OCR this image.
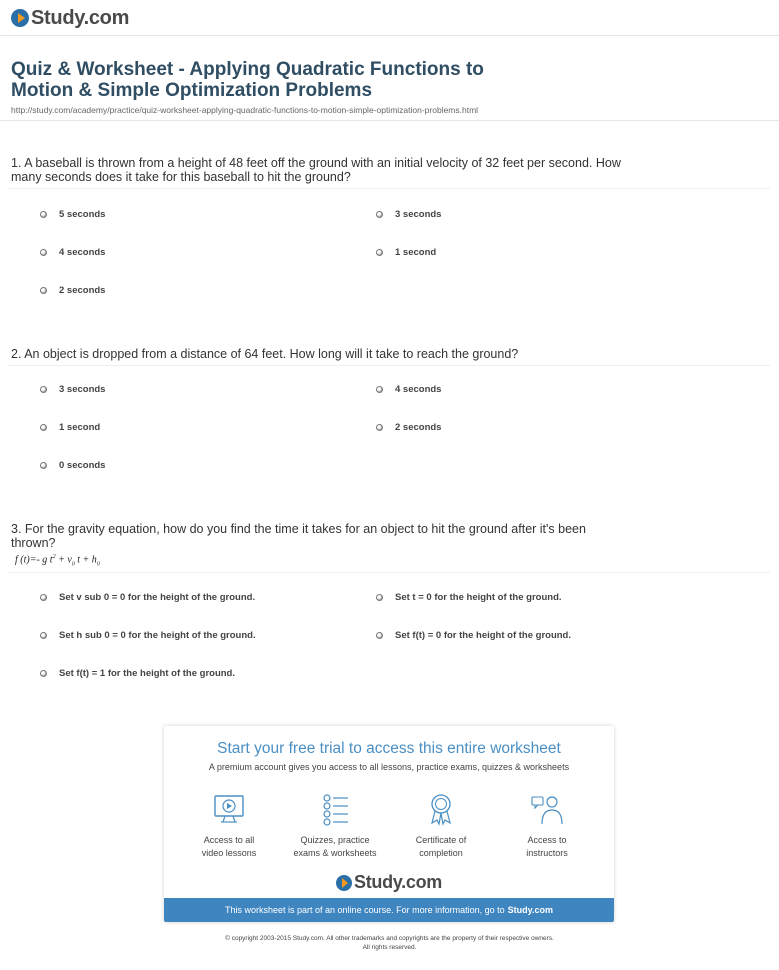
Study.com
Quiz & Worksheet - Applying Quadratic Functions to
Motion & Simple Optimization Problems
http://study.com/academy/practice/quiz-worksheet-applying-quadratic-functions-to-motion-simple-optimization-problems.html
1. A baseball is thrown from a height of 48 feet off the ground with an initial velocity of 32 feet per second. How many seconds does it take for this baseball to hit the ground?
5 seconds	3 seconds
4 seconds	1 second
2 seconds
2. An object is dropped from a distance of 64 feet. How long will it take to reach the ground?
3 seconds	4 seconds
1 second	2 seconds
0 seconds
3. For the gravity equation, how do you find the time it takes for an object to hit the ground after it's been thrown?
f (t)=- g $t^2 + v_0$ $t + h_0$
Set v sub 0 = 0 for the height of the ground.	Set t = 0 for the height of the ground.
Set h sub 0 = 0 for the height of the ground.	Set f(t) = 0 for the height of the ground.
Set f(t) = 1 for the height of the ground.
Start your free trial to access this entire worksheet
A premium account gives you access to all lessons, practice exams, quizzes & worksheets
Access to all
video lessons
Quizzes, practice
exams & worksheets
Certificate of
completion
Access to
instructors
Study.com
This worksheet is part of an online course. For more information, go to Study.com
© copyright 2003-2015 Study.com. All other trademarks and copyrights are the property of their respective owners.
All rights reserved.
